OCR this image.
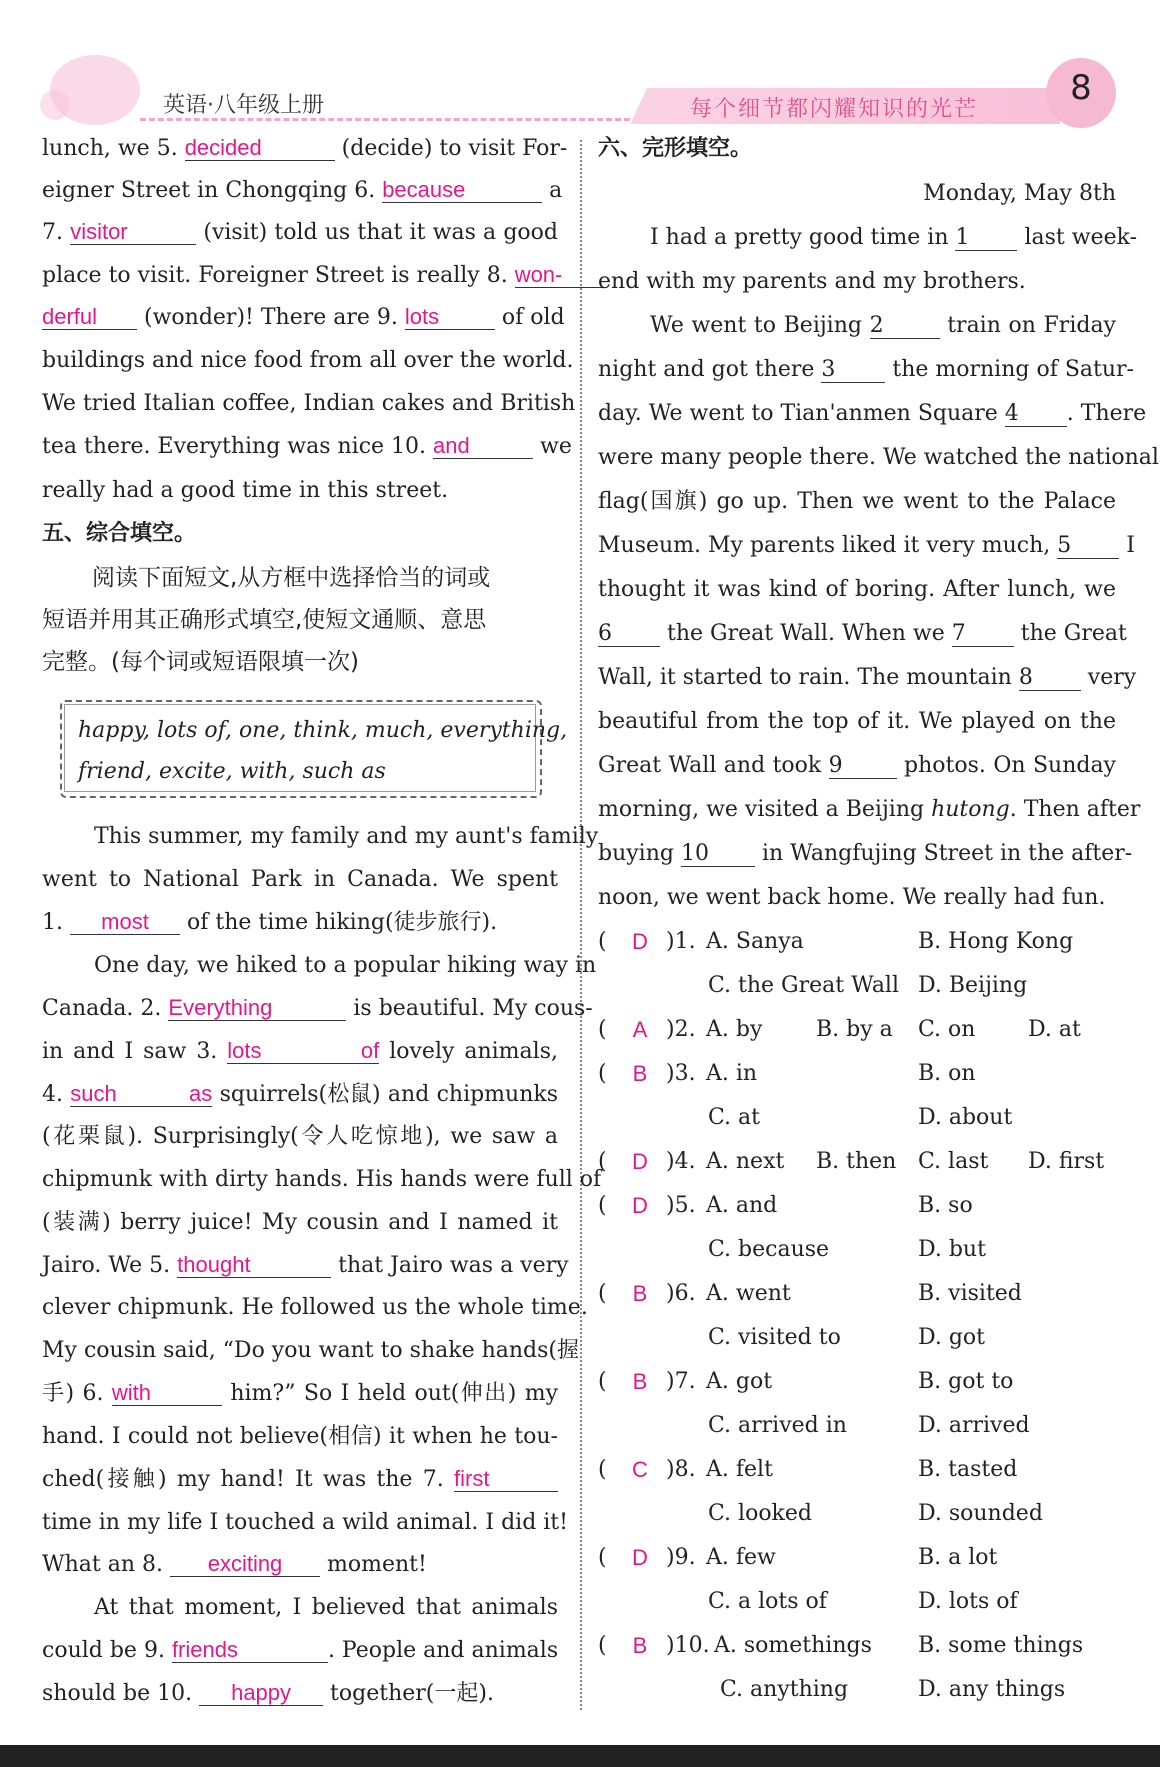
英语·八年级上册	每个细节都闪耀知识的光芒
8
lunch, we 5. decided	(decide) to visit For-
eigner Street in Chongqing 6. because	a
7. visitor	(visit) told us that it was a good
place to visit. Foreigner Street is really 8. won-
derful (wonder)! There are 9. lots	of old
buildings and nice food from all over the world.
We tried Italian coffee, Indian cakes and British
tea there. Everything was nice 10. and	we
really had a good time in this street.
五、综合填空。
阅读下面短文,从方框中选择恰当的词或
短语并用其正确形式填空,使短文通顺、意思
完整。(每个词或短语限填一次)
happy, lots of, one, think, much, everything,
friend, excite, with, such as
This summer, my family and my aunt's family
went to National Park in Canada. We spent
1. most of the time hiking(徒步旅行).
One day, we hiked to a popular hiking way in
Canada. 2. Everything	is beautiful. My cous-
in and I saw 3. lots of lovely animals,
4. such as squirrels(松鼠) and chipmunks
(花栗鼠). Surprisingly(令人吃惊地), we saw a
chipmunk with dirty hands. His hands were full of
(装满) berry juice! My cousin and I named it
Jairo. We 5. thought	that Jairo was a very
clever chipmunk. He followed us the whole time.
My cousin said, “Do you want to shake hands(握
手) 6. with	him?” So I held out(伸出) my
hand. I could not believe(相信) it when he tou-
ched(接触) my hand! It was the 7. first
time in my life I touched a wild animal. I did it!
What an 8. exciting moment!
At that moment, I believed that animals
could be 9. friends	. People and animals
should be 10. happy together(一起).
六、完形填空。
Monday, May 8th
I had a pretty good time in 1 last week-
end with my parents and my brothers.
We went to Beijing 2	train on Friday
night and got there 3 the morning of Satur-
day. We went to Tian'anmen Square 4 . There
were many people there. We watched the national
flag(国旗) go up. Then we went to the Palace
Museum. My parents liked it very much, 5 I
thought it was kind of boring. After lunch, we
6 the Great Wall. When we 7 the Great
Wall, it started to rain. The mountain 8 very
beautiful from the top of it. We played on the
Great Wall and took 9 photos. On Sunday
morning, we visited a Beijing hutong. Then after
buying 10 in Wangfujing Street in the after-
noon, we went back home. We really had fun.
(	D )1. A. Sanya	B. Hong Kong
C. the Great Wall D. Beijing
(	A )2. A. by B. by a C. on D. at
(	B )3. A. in	B. on
C. at	D. about
(	D )4. A. next B. then C. last D. first
(	D )5. A. and	B. so
C. because	D. but
(	B )6. A. went	B. visited
C. visited to	D. got
(	B )7. A. got	B. got to
C. arrived in	D. arrived
(	C )8. A. felt	B. tasted
C. looked	D. sounded
(	D )9. A. few	B. a lot
C. a lots of	D. lots of
(	B )10. A. somethings B. some things
C. anything	D. any things
